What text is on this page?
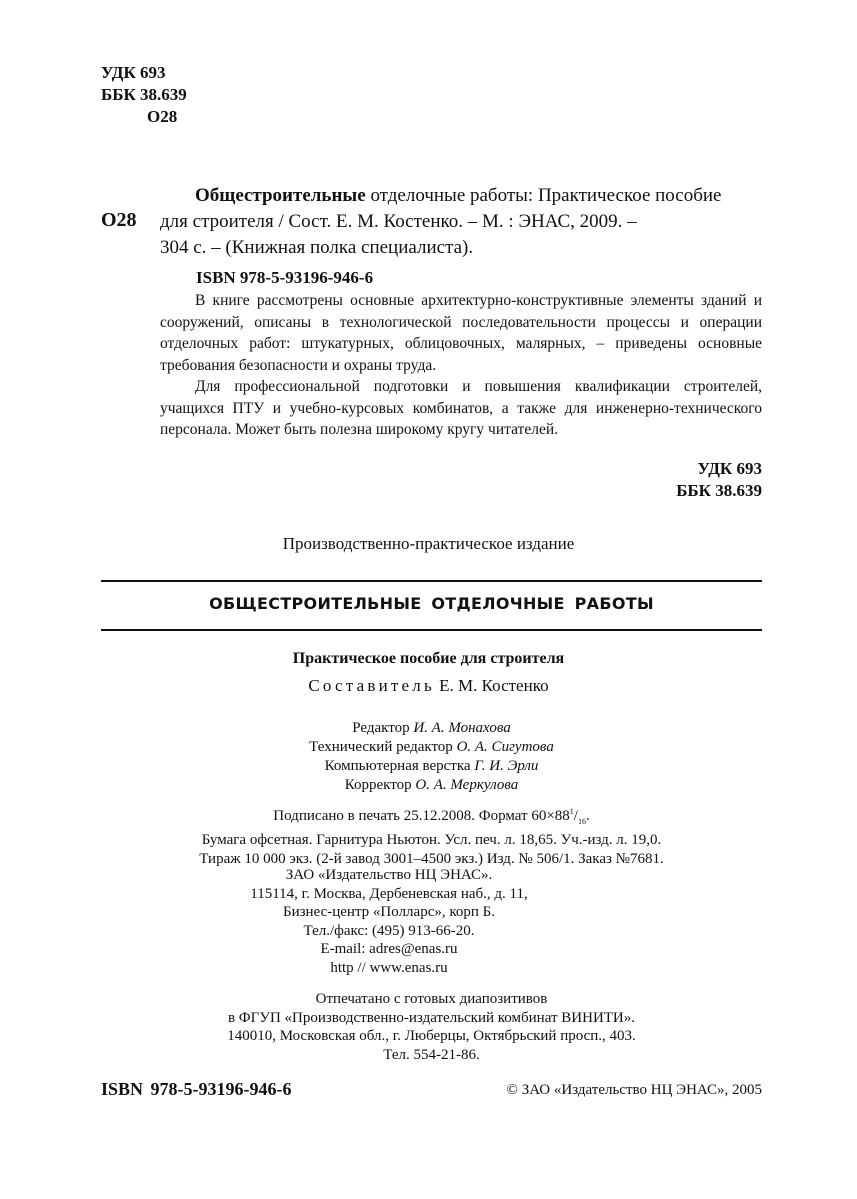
УДК 693
ББК 38.639
О28
О28
Общестроительные отделочные работы: Практическое пособие
для строителя / Сост. Е. М. Костенко. – М. : ЭНАС, 2009. –
304 с. – (Книжная полка специалиста).
ISBN 978-5-93196-946-6

В книге рассмотрены основные архитектурно-конструктивные элементы зданий и сооружений, описаны в технологической последовательности процессы и операции отделочных работ: штукатурных, облицовочных, малярных, – приведены основные требования безопасности и охраны труда.

Для профессиональной подготовки и повышения квалификации строителей, учащихся ПТУ и учебно-курсовых комбинатов, а также для инженерно-технического персонала. Может быть полезна широкому кругу читателей.

УДК 693
ББК 38.639
Производственно-практическое издание
ОБЩЕСТРОИТЕЛЬНЫЕ ОТДЕЛОЧНЫЕ РАБОТЫ
Практическое пособие для строителя
Составитель Е. М. Костенко
Редактор И. А. Монахова
Технический редактор О. А. Сигутова
Компьютерная верстка Г. И. Эрли
Корректор О. А. Меркулова
Подписано в печать 25.12.2008. Формат $60\times 88^1/_{16}$.
Бумага офсетная. Гарнитура Ньютон. Усл. печ. л. 18,65. Уч.-изд. л. 19,0.
Тираж 10 000 экз. (2-й завод 3001–4500 экз.) Изд. № 506/1. Заказ №7681.
ЗАО «Издательство НЦ ЭНАС».
115114, г. Москва, Дербеневская наб., д. 11,
Бизнес-центр «Полларс», корп Б.
Тел./факс: (495) 913-66-20.
E-mail: adres@enas.ru
http // www.enas.ru
Отпечатано с готовых диапозитивов
в ФГУП «Производственно-издательский комбинат ВИНИТИ».
140010, Московская обл., г. Люберцы, Октябрьский просп., 403.
Тел. 554-21-86.
ISBN 978-5-93196-946-6	© ЗАО «Издательство НЦ ЭНАС», 2005
